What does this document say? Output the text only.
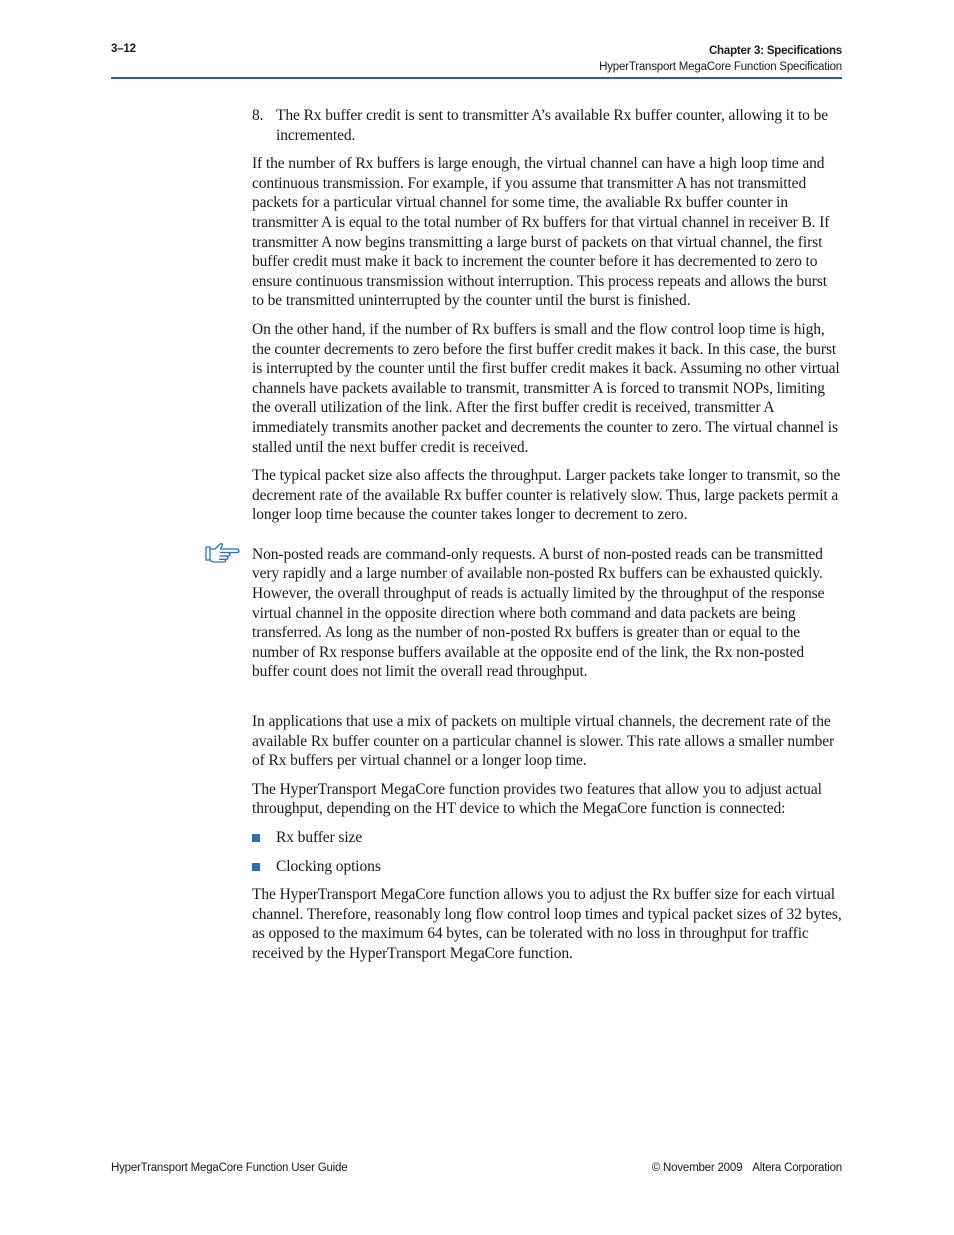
3–12	Chapter 3: Specifications
HyperTransport MegaCore Function Specification
8. The Rx buffer credit is sent to transmitter A’s available Rx buffer counter, allowing it to be incremented.

If the number of Rx buffers is large enough, the virtual channel can have a high loop time and continuous transmission. For example, if you assume that transmitter A has not transmitted packets for a particular virtual channel for some time, the avaliable Rx buffer counter in transmitter A is equal to the total number of Rx buffers for that virtual channel in receiver B. If transmitter A now begins transmitting a large burst of packets on that virtual channel, the first buffer credit must make it back to increment the counter before it has decremented to zero to ensure continuous transmission without interruption. This process repeats and allows the burst to be transmitted uninterrupted by the counter until the burst is finished.

On the other hand, if the number of Rx buffers is small and the flow control loop time is high, the counter decrements to zero before the first buffer credit makes it back. In this case, the burst is interrupted by the counter until the first buffer credit makes it back. Assuming no other virtual channels have packets available to transmit, transmitter A is forced to transmit NOPs, limiting the overall utilization of the link. After the first buffer credit is received, transmitter A immediately transmits another packet and decrements the counter to zero. The virtual channel is stalled until the next buffer credit is received.

The typical packet size also affects the throughput. Larger packets take longer to transmit, so the decrement rate of the available Rx buffer counter is relatively slow. Thus, large packets permit a longer loop time because the counter takes longer to decrement to zero.

Non-posted reads are command-only requests. A burst of non-posted reads can be transmitted very rapidly and a large number of available non-posted Rx buffers can be exhausted quickly. However, the overall throughput of reads is actually limited by the throughput of the response virtual channel in the opposite direction where both command and data packets are being transferred. As long as the number of non-posted Rx buffers is greater than or equal to the number of Rx response buffers available at the opposite end of the link, the Rx non-posted buffer count does not limit the overall read throughput.

In applications that use a mix of packets on multiple virtual channels, the decrement rate of the available Rx buffer counter on a particular channel is slower. This rate allows a smaller number of Rx buffers per virtual channel or a longer loop time.

The HyperTransport MegaCore function provides two features that allow you to adjust actual throughput, depending on the HT device to which the MegaCore function is connected:

Rx buffer size
Clocking options

The HyperTransport MegaCore function allows you to adjust the Rx buffer size for each virtual channel. Therefore, reasonably long flow control loop times and typical packet sizes of 32 bytes, as opposed to the maximum 64 bytes, can be tolerated with no loss in throughput for traffic received by the HyperTransport MegaCore function.

HyperTransport MegaCore Function User Guide	© November 2009 Altera Corporation
